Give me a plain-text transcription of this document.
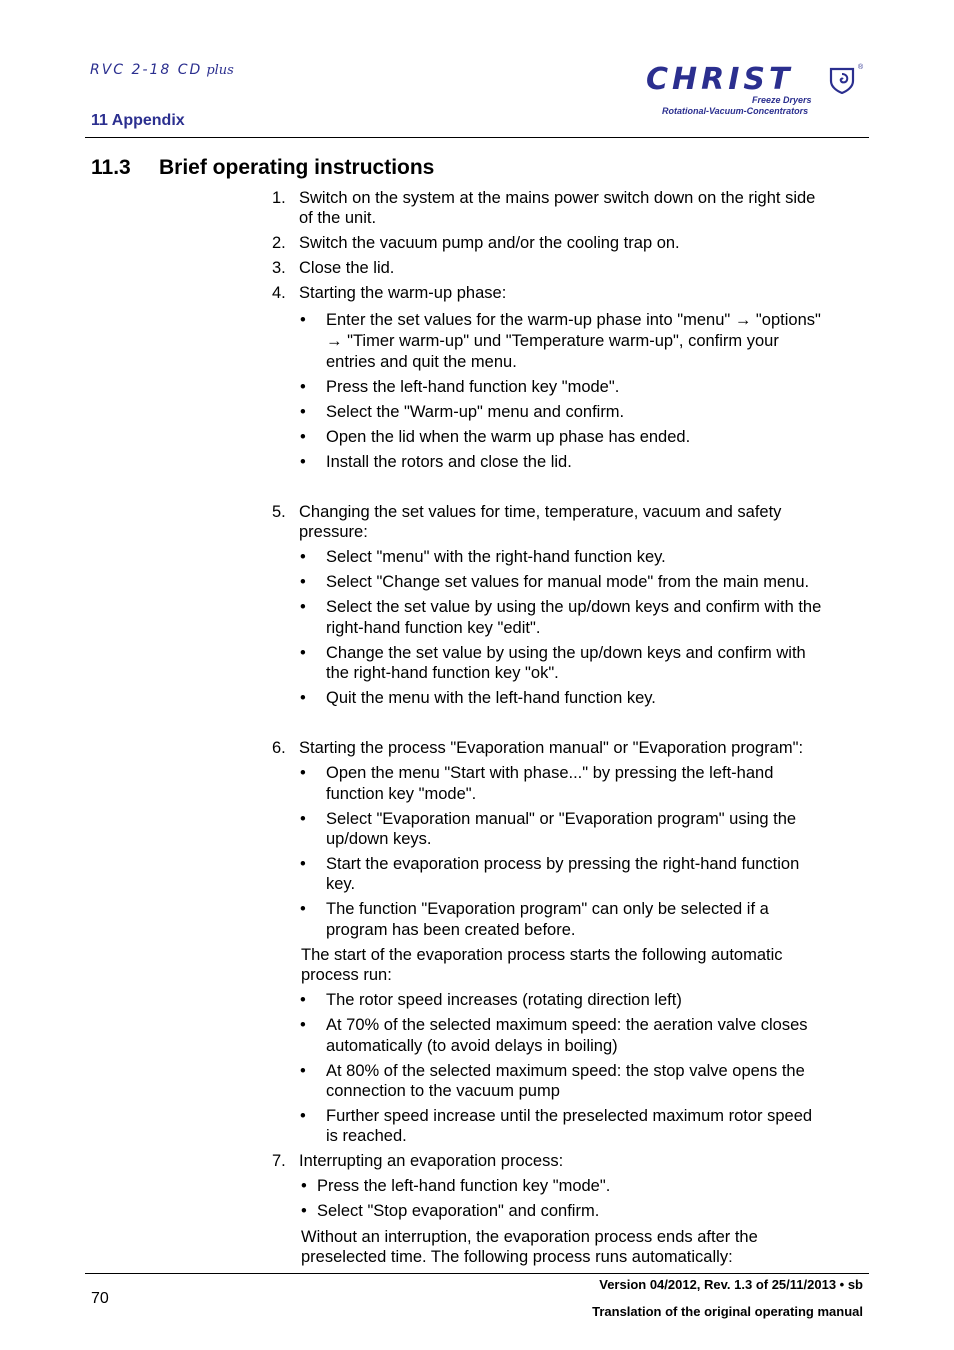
RVC 2-18 CD plus
11 Appendix
CHRIST	®
Freeze Dryers
Rotational-Vacuum-Concentrators
11.3 Brief operating instructions
1. Switch on the system at the mains power switch down on the right side
of the unit.
2. Switch the vacuum pump and/or the cooling trap on.
3. Close the lid.
4. Starting the warm-up phase:
• Enter the set values for the warm-up phase into "menu" → "options"
→ "Timer warm-up" und "Temperature warm-up", confirm your
entries and quit the menu.
• Press the left-hand function key "mode".
• Select the "Warm-up" menu and confirm.
• Open the lid when the warm up phase has ended.
• Install the rotors and close the lid.
5. Changing the set values for time, temperature, vacuum and safety
pressure:
• Select "menu" with the right-hand function key.
• Select "Change set values for manual mode" from the main menu.
• Select the set value by using the up/down keys and confirm with the
right-hand function key "edit".
• Change the set value by using the up/down keys and confirm with
the right-hand function key "ok".
• Quit the menu with the left-hand function key.
6. Starting the process "Evaporation manual" or "Evaporation program":
• Open the menu "Start with phase..." by pressing the left-hand
function key "mode".
• Select "Evaporation manual" or "Evaporation program" using the
up/down keys.
• Start the evaporation process by pressing the right-hand function
key.
• The function "Evaporation program" can only be selected if a
program has been created before.
The start of the evaporation process starts the following automatic
process run:
• The rotor speed increases (rotating direction left)
• At 70% of the selected maximum speed: the aeration valve closes
automatically (to avoid delays in boiling)
• At 80% of the selected maximum speed: the stop valve opens the
connection to the vacuum pump
• Further speed increase until the preselected maximum rotor speed
is reached.
7. Interrupting an evaporation process:
• Press the left-hand function key "mode".
• Select "Stop evaporation" and confirm.
Without an interruption, the evaporation process ends after the
preselected time. The following process runs automatically:
70
Version 04/2012, Rev. 1.3 of 25/11/2013 • sb
Translation of the original operating manual
